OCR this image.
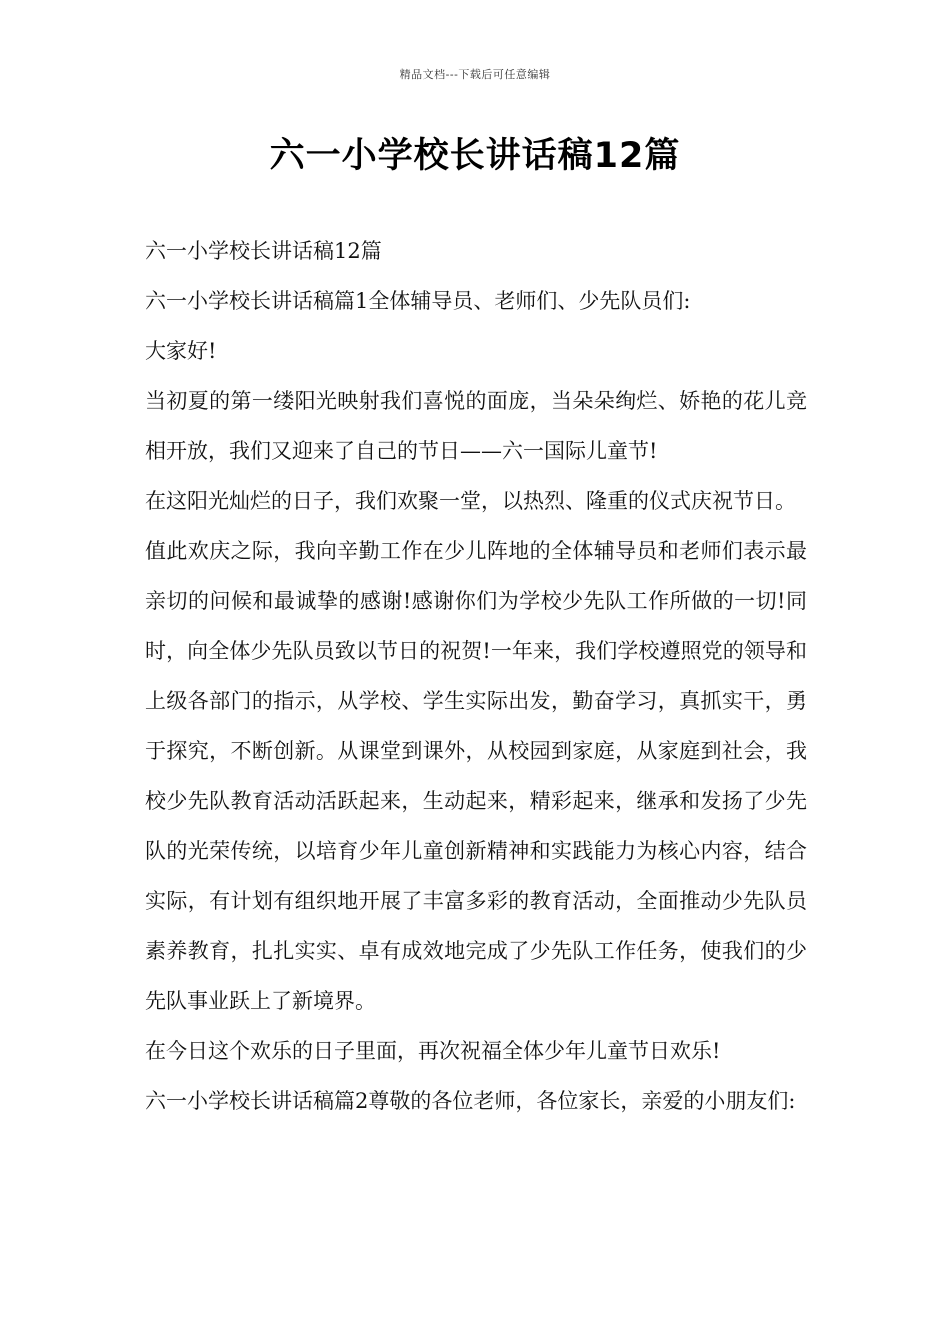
精品文档---下载后可任意编辑
六一小学校长讲话稿12篇

六一小学校长讲话稿12篇

六一小学校长讲话稿篇1全体辅导员、老师们、少先队员们:

大家好!

当初夏的第一缕阳光映射我们喜悦的面庞，当朵朵绚烂、娇艳的花儿竞相开放，我们又迎来了自己的节日——六一国际儿童节!

在这阳光灿烂的日子，我们欢聚一堂，以热烈、隆重的仪式庆祝节日。

值此欢庆之际，我向辛勤工作在少儿阵地的全体辅导员和老师们表示最亲切的问候和最诚挚的感谢!感谢你们为学校少先队工作所做的一切!同时，向全体少先队员致以节日的祝贺!一年来，我们学校遵照党的领导和上级各部门的指示，从学校、学生实际出发，勤奋学习，真抓实干，勇于探究，不断创新。从课堂到课外，从校园到家庭，从家庭到社会，我校少先队教育活动活跃起来，生动起来，精彩起来，继承和发扬了少先队的光荣传统，以培育少年儿童创新精神和实践能力为核心内容，结合实际，有计划有组织地开展了丰富多彩的教育活动，全面推动少先队员素养教育，扎扎实实、卓有成效地完成了少先队工作任务，使我们的少先队事业跃上了新境界。

在今日这个欢乐的日子里面，再次祝福全体少年儿童节日欢乐!

六一小学校长讲话稿篇2尊敬的各位老师，各位家长，亲爱的小朋友们:
